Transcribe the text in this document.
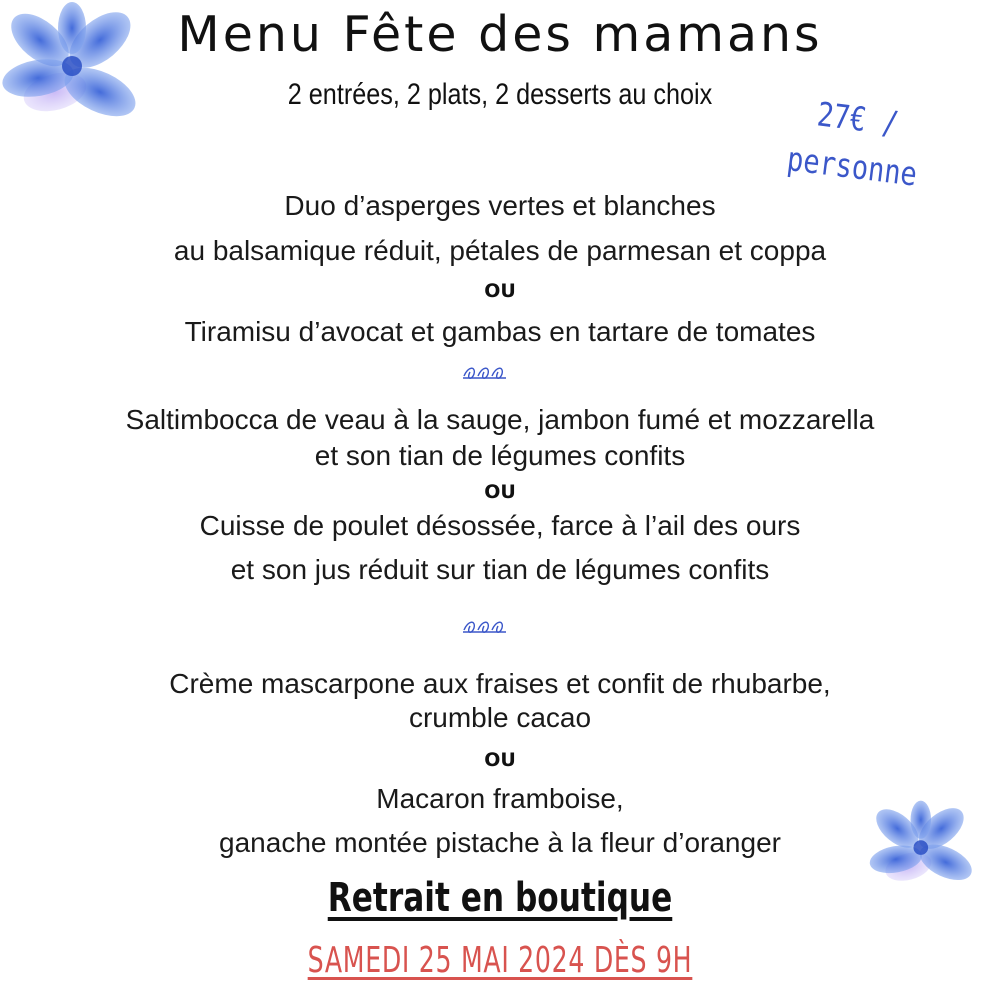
Menu Fête des mamans
2 entrées, 2 plats, 2 desserts au choix	27€ /
personne
Duo d’asperges vertes et blanches
au balsamique réduit, pétales de parmesan et coppa
OU
Tiramisu d’avocat et gambas en tartare de tomates
Saltimbocca de veau à la sauge, jambon fumé et mozzarella
et son tian de légumes confits
OU
Cuisse de poulet désossée, farce à l’ail des ours
et son jus réduit sur tian de légumes confits
Crème mascarpone aux fraises et confit de rhubarbe,
crumble cacao
OU
Macaron framboise,
ganache montée pistache à la fleur d’oranger
Retrait en boutique
SAMEDI 25 MAI 2024 DÈS 9H
